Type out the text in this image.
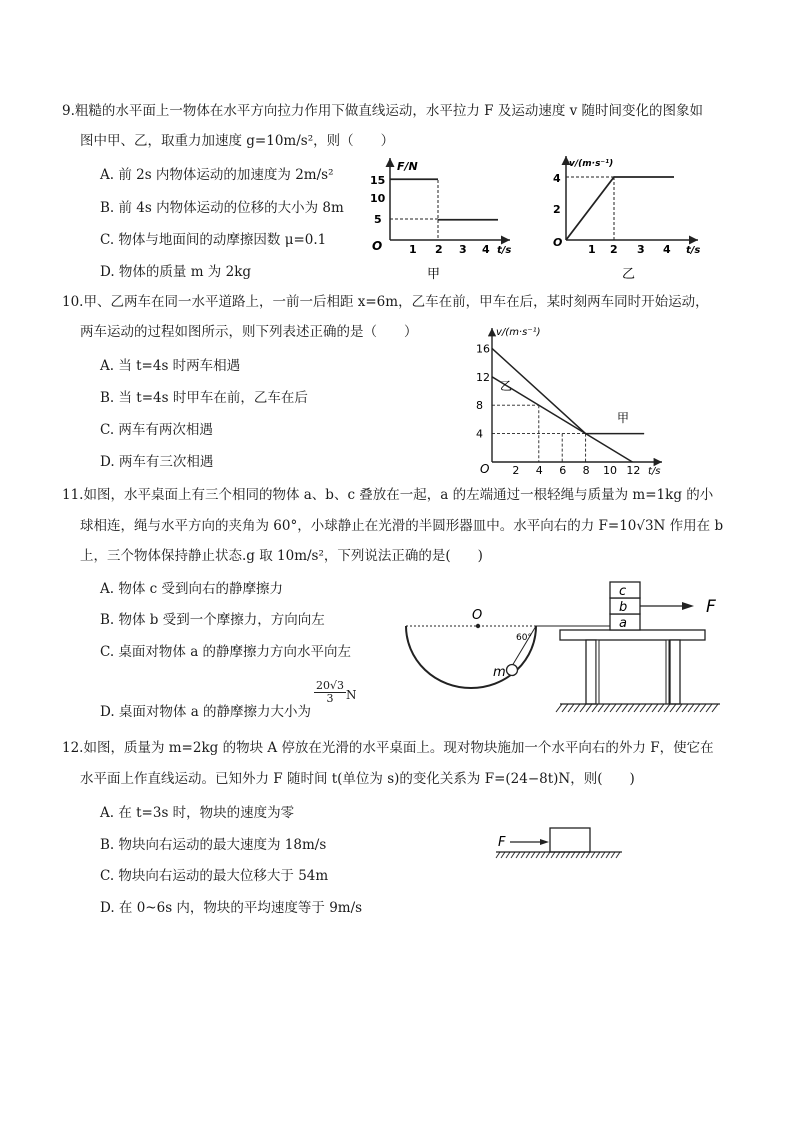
9.粗糙的水平面上一物体在水平方向拉力作用下做直线运动，水平拉力 F 及运动速度 v 随时间变化的图象如
图中甲、乙，取重力加速度 g=10m/s²，则（　　）
A. 前 2s 内物体运动的加速度为 2m/s²
B. 前 4s 内物体运动的位移的大小为 8m
C. 物体与地面间的动摩擦因数 μ=0.1
D. 物体的质量 m 为 2kg
F/N
t/s
O
15
10
5
1 2 3 4
甲
v/(m·s⁻¹)
t/s
O
4
2
1 2 3 4
乙
10.甲、乙两车在同一水平道路上，一前一后相距 x=6m，乙车在前，甲车在后，某时刻两车同时开始运动，
两车运动的过程如图所示，则下列表述正确的是（　　）
A. 当 t=4s 时两车相遇
B. 当 t=4s 时甲车在前，乙车在后
C. 两车有两次相遇
D. 两车有三次相遇
v/(m·s⁻¹)
t/s
O
16
12
8
4
2 4 6 8 10 12
乙
甲
11.如图，水平桌面上有三个相同的物体 a、b、c 叠放在一起，a 的左端通过一根轻绳与质量为 m=1kg 的小
球相连，绳与水平方向的夹角为 60°，小球静止在光滑的半圆形器皿中。水平向右的力 F=10√3N 作用在 b
上，三个物体保持静止状态.g 取 10m/s²，下列说法正确的是(　　)
A. 物体 c 受到向右的静摩擦力
B. 物体 b 受到一个摩擦力，方向向左
C. 桌面对物体 a 的静摩擦力方向水平向左
D. 桌面对物体 a 的静摩擦力大小为
$\frac{20√3}{3}$ N
O
60°
m
a
b
c
F
12.如图，质量为 m=2kg 的物块 A 停放在光滑的水平桌面上。现对物块施加一个水平向右的外力 F，使它在
水平面上作直线运动。已知外力 F 随时间 t(单位为 s)的变化关系为 F=(24−8t)N，则(　　)
A. 在 t=3s 时，物块的速度为零
B. 物块向右运动的最大速度为 18m/s
C. 物块向右运动的最大位移大于 54m
D. 在 0~6s 内，物块的平均速度等于 9m/s
F
